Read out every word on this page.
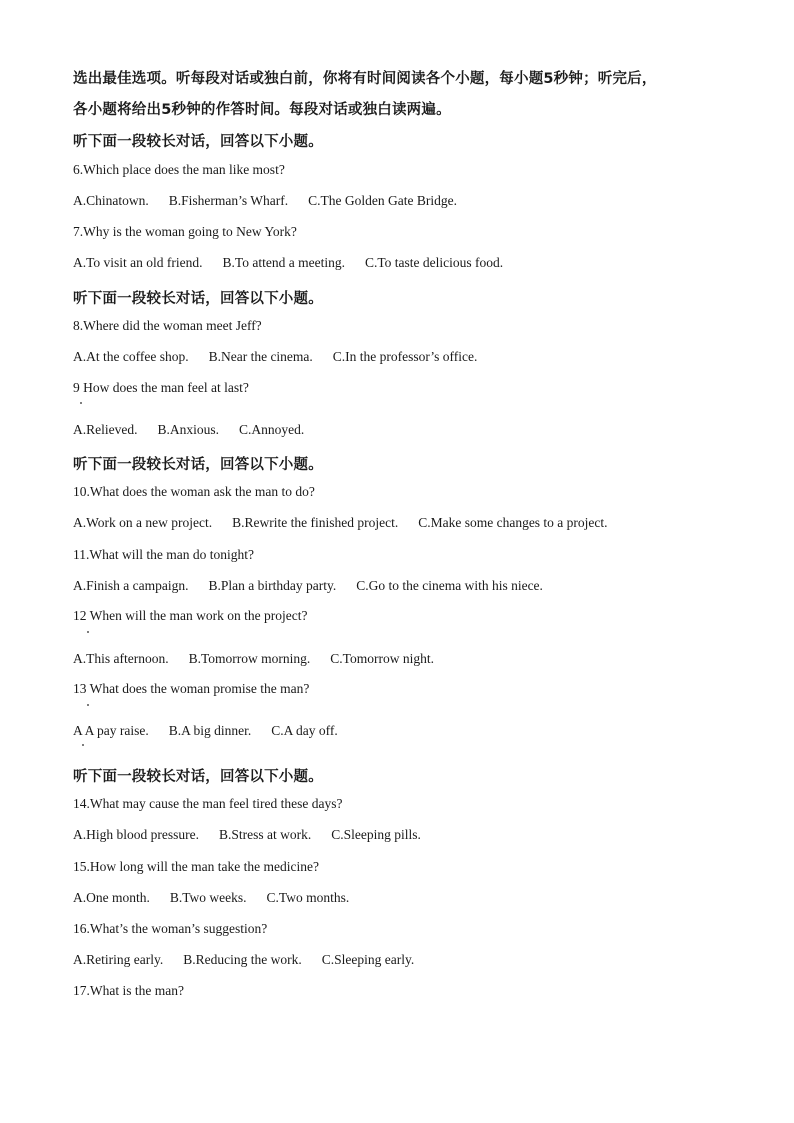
选出最佳选项。听每段对话或独白前，你将有时间阅读各个小题，每小题5秒钟；听完后，
各小题将给出5秒钟的作答时间。每段对话或独白读两遍。
听下面一段较长对话，回答以下小题。
6.Which place does the man like most?
A.Chinatown. B.Fisherman’s Wharf. C.The Golden Gate Bridge.
7.Why is the woman going to New York?
A.To visit an old friend. B.To attend a meeting. C.To taste delicious food.
听下面一段较长对话，回答以下小题。
8.Where did the woman meet Jeff?
A.At the coffee shop. B.Near the cinema. C.In the professor’s office.
9 How does the man feel at last?
A.Relieved. B.Anxious. C.Annoyed.
听下面一段较长对话，回答以下小题。
10.What does the woman ask the man to do?
A.Work on a new project. B.Rewrite the finished project. C.Make some changes to a project.
11.What will the man do tonight?
A.Finish a campaign. B.Plan a birthday party. C.Go to the cinema with his niece.
12 When will the man work on the project?
A.This afternoon. B.Tomorrow morning. C.Tomorrow night.
13 What does the woman promise the man?
A A pay raise. B.A big dinner. C.A day off.
听下面一段较长对话，回答以下小题。
14.What may cause the man feel tired these days?
A.High blood pressure. B.Stress at work. C.Sleeping pills.
15.How long will the man take the medicine?
A.One month. B.Two weeks. C.Two months.
16.What’s the woman’s suggestion?
A.Retiring early. B.Reducing the work. C.Sleeping early.
17.What is the man?
